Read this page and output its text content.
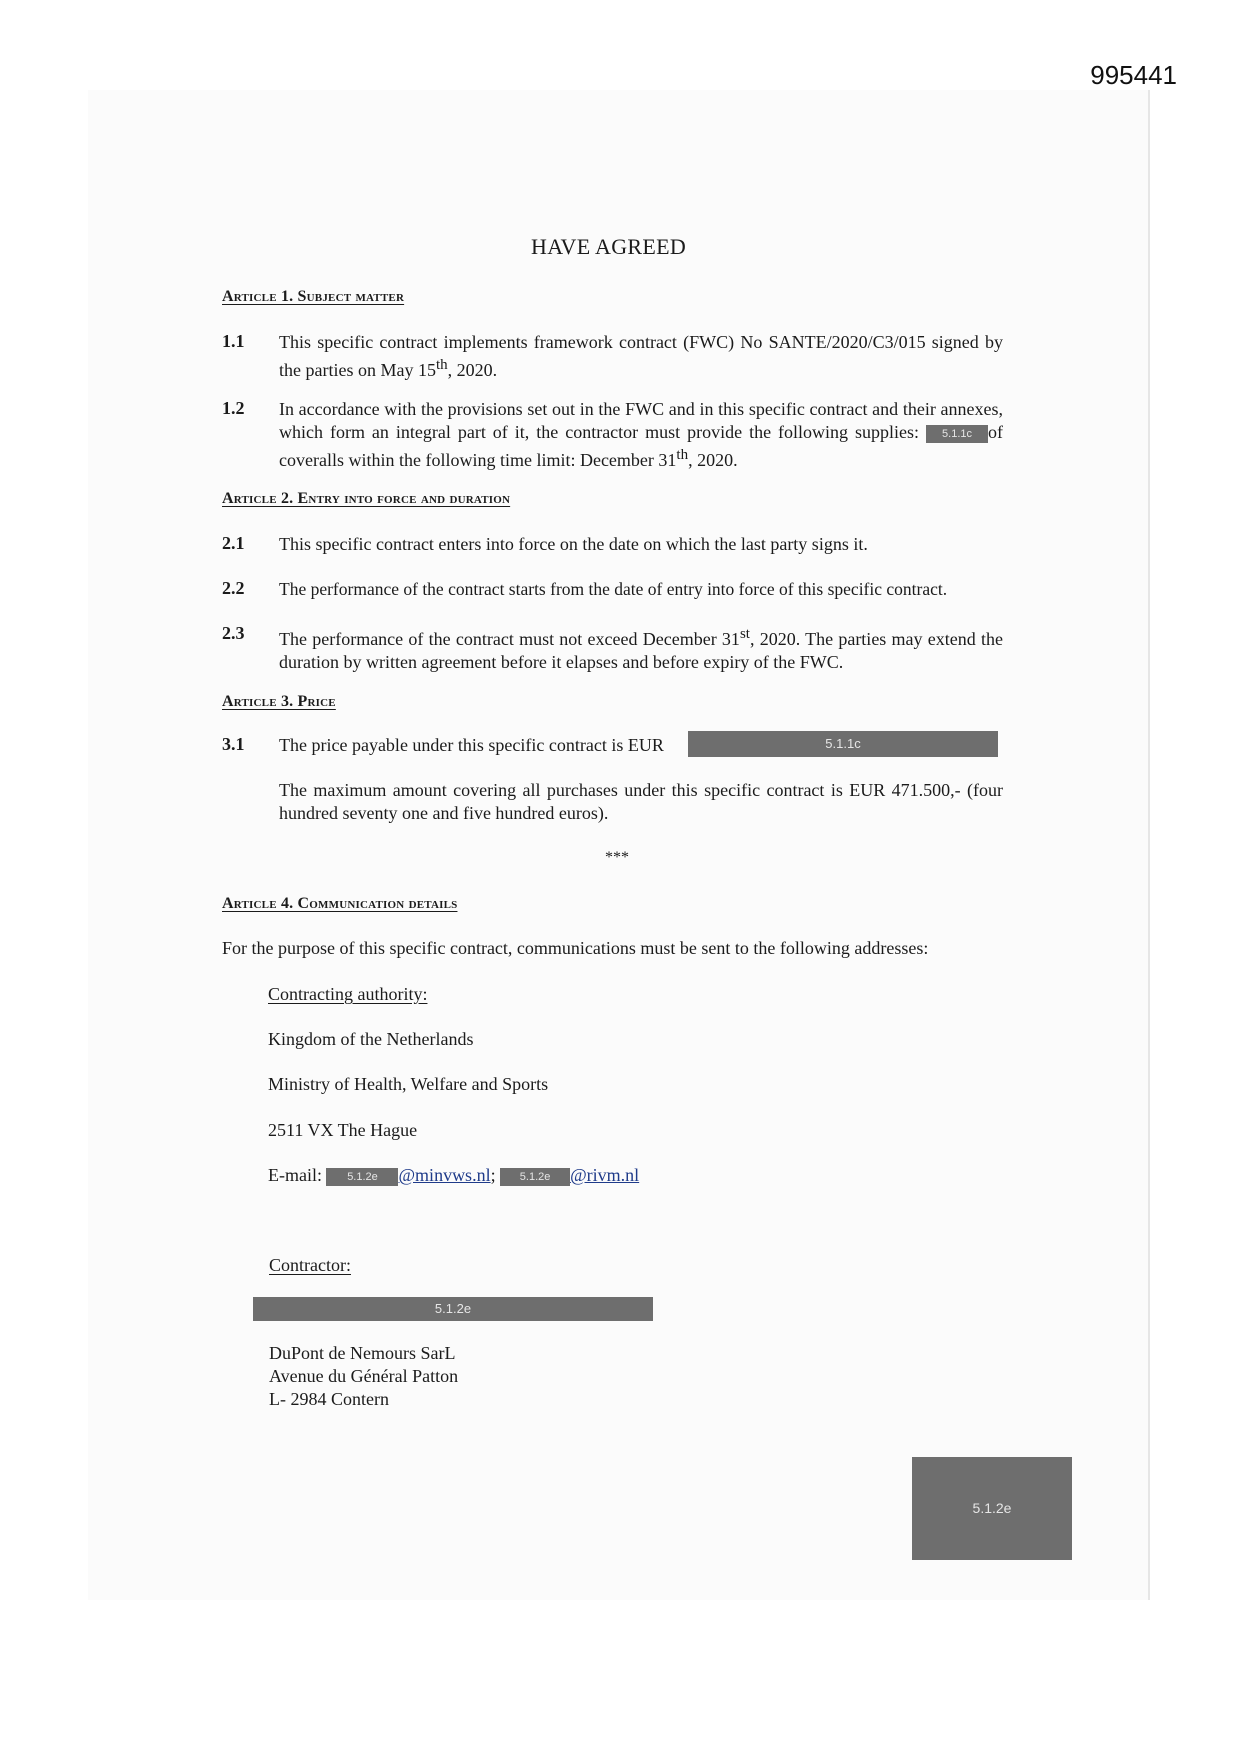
995441
HAVE AGREED
Article 1. Subject matter
1.1 This specific contract implements framework contract (FWC) No SANTE/2020/C3/015 signed by the parties on May 15th, 2020.
1.2 In accordance with the provisions set out in the FWC and in this specific contract and their annexes, which form an integral part of it, the contractor must provide the following supplies: 5.1.1c of coveralls within the following time limit: December 31th, 2020.
Article 2. Entry into force and duration
2.1 This specific contract enters into force on the date on which the last party signs it.
2.2 The performance of the contract starts from the date of entry into force of this specific contract.
2.3 The performance of the contract must not exceed December 31st, 2020. The parties may extend the duration by written agreement before it elapses and before expiry of the FWC.
Article 3. Price
3.1 The price payable under this specific contract is EUR	5.1.1c
The maximum amount covering all purchases under this specific contract is EUR 471.500,- (four hundred seventy one and five hundred euros).
***
Article 4. Communication details
For the purpose of this specific contract, communications must be sent to the following addresses:
Contracting authority:
Kingdom of the Netherlands
Ministry of Health, Welfare and Sports
2511 VX The Hague
E-mail: 5.1.2e @minvws.nl; 5.1.2e @rivm.nl
Contractor:
5.1.2e
DuPont de Nemours SarL
Avenue du Général Patton
L- 2984 Contern
5.1.2e
